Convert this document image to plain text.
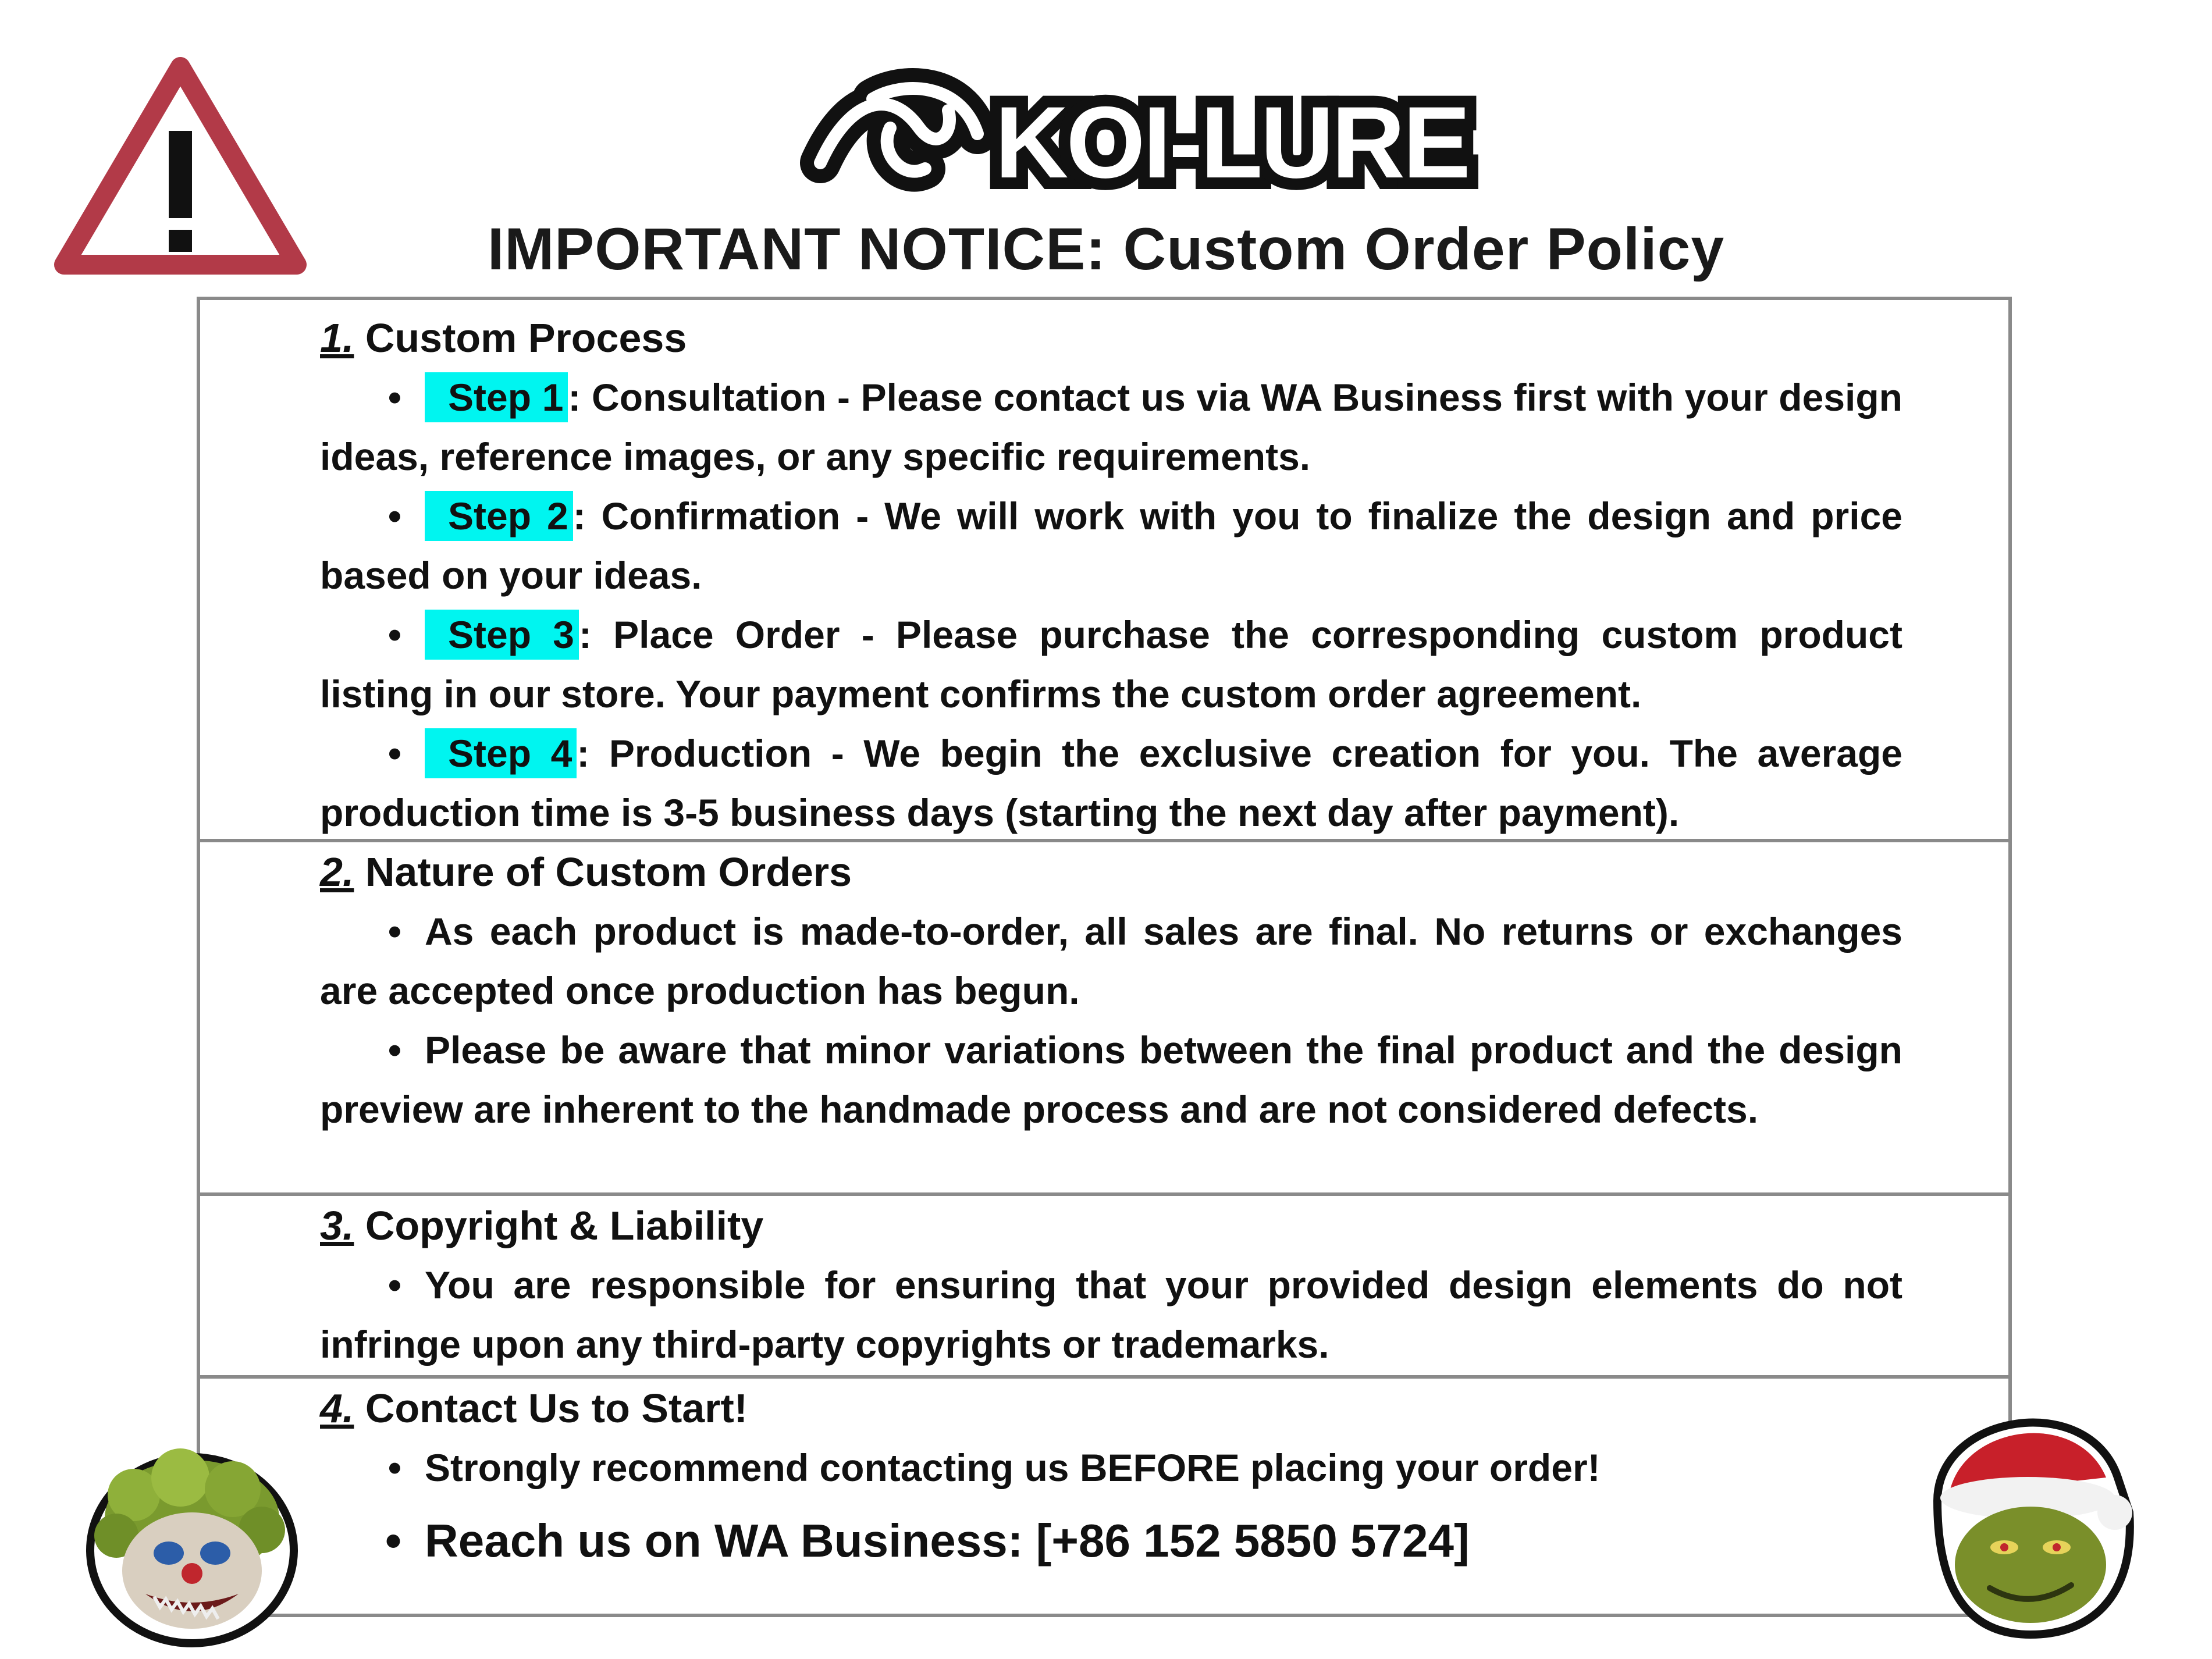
KOI-LURE
IMPORTANT NOTICE: Custom Order Policy
1. Custom Process

• Step 1 : Consultation - Please contact us via WA Business first with your design ideas, reference images, or any specific requirements.

• Step 2 : Confirmation - We will work with you to finalize the design and price based on your ideas.

• Step 3 : Place Order - Please purchase the corresponding custom product listing in our store. Your payment confirms the custom order agreement.

• Step 4 : Production - We begin the exclusive creation for you. The average production time is 3-5 business days (starting the next day after payment).

2. Nature of Custom Orders

• As each product is made-to-order, all sales are final. No returns or exchanges are accepted once production has begun.

• Please be aware that minor variations between the final product and the design preview are inherent to the handmade process and are not considered defects.

3. Copyright & Liability

• You are responsible for ensuring that your provided design elements do not infringe upon any third-party copyrights or trademarks.

4. Contact Us to Start!

• Strongly recommend contacting us BEFORE placing your order!

• Reach us on WA Business: [+86 152 5850 5724]
